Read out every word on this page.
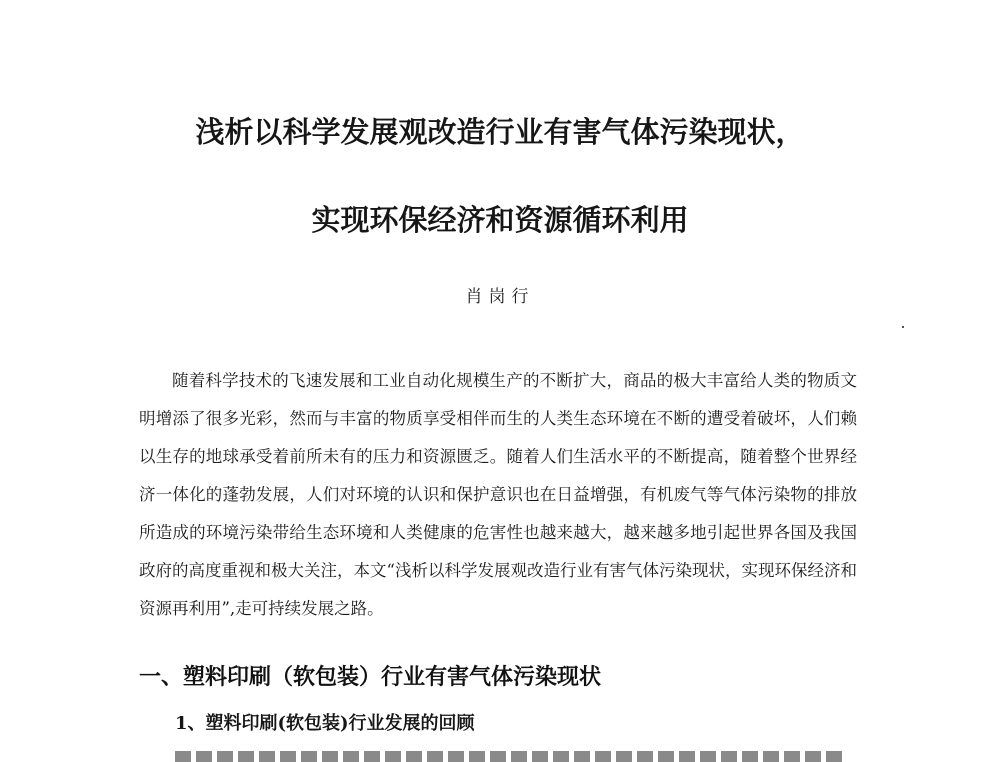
浅析以科学发展观改造行业有害气体污染现状，
实现环保经济和资源循环利用
肖岗行

随着科学技术的飞速发展和工业自动化规模生产的不断扩大，商品的极大丰富给人类的物质文明增添了很多光彩，然而与丰富的物质享受相伴而生的人类生态环境在不断的遭受着破坏，人们赖以生存的地球承受着前所未有的压力和资源匮乏。随着人们生活水平的不断提高，随着整个世界经济一体化的蓬勃发展，人们对环境的认识和保护意识也在日益增强，有机废气等气体污染物的排放所造成的环境污染带给生态环境和人类健康的危害性也越来越大，越来越多地引起世界各国及我国政府的高度重视和极大关注，本文“浅析以科学发展观改造行业有害气体污染现状，实现环保经济和资源再利用”,走可持续发展之路。

一、塑料印刷（软包装）行业有害气体污染现状
1、塑料印刷(软包装)行业发展的回顾
